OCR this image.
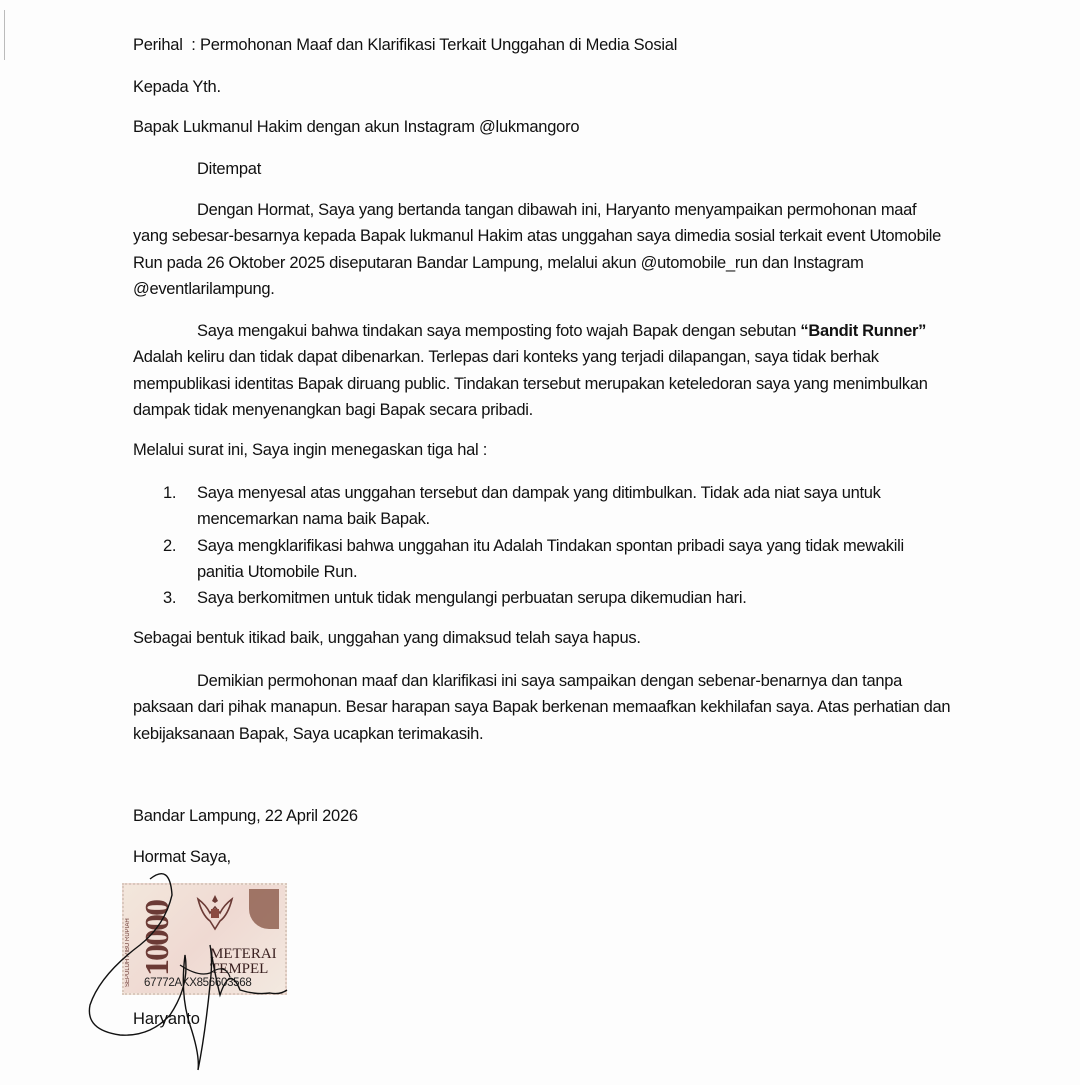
Perihal : Permohonan Maaf dan Klarifikasi Terkait Unggahan di Media Sosial
Kepada Yth.
Bapak Lukmanul Hakim dengan akun Instagram @lukmangoro
Ditempat
Dengan Hormat, Saya yang bertanda tangan dibawah ini, Haryanto menyampaikan permohonan maaf yang sebesar-besarnya kepada Bapak lukmanul Hakim atas unggahan saya dimedia sosial terkait event Utomobile Run pada 26 Oktober 2025 diseputaran Bandar Lampung, melalui akun @utomobile_run dan Instagram @eventlarilampung.
Saya mengakui bahwa tindakan saya memposting foto wajah Bapak dengan sebutan “Bandit Runner” Adalah keliru dan tidak dapat dibenarkan. Terlepas dari konteks yang terjadi dilapangan, saya tidak berhak mempublikasi identitas Bapak diruang public. Tindakan tersebut merupakan keteledoran saya yang menimbulkan dampak tidak menyenangkan bagi Bapak secara pribadi.
Melalui surat ini, Saya ingin menegaskan tiga hal :
1.	Saya menyesal atas unggahan tersebut dan dampak yang ditimbulkan. Tidak ada niat saya untuk mencemarkan nama baik Bapak.
2.	Saya mengklarifikasi bahwa unggahan itu Adalah Tindakan spontan pribadi saya yang tidak mewakili panitia Utomobile Run.
3.	Saya berkomitmen untuk tidak mengulangi perbuatan serupa dikemudian hari.
Sebagai bentuk itikad baik, unggahan yang dimaksud telah saya hapus.
Demikian permohonan maaf dan klarifikasi ini saya sampaikan dengan sebenar-benarnya dan tanpa paksaan dari pihak manapun. Besar harapan saya Bapak berkenan memaafkan kekhilafan saya. Atas perhatian dan kebijaksanaan Bapak, Saya ucapkan terimakasih.
Bandar Lampung, 22 April 2026
Hormat Saya,
SEPULUH RIBU RUPIAH 10000 METERAI
TEMPEL
67772AKX856603568
Haryanto
